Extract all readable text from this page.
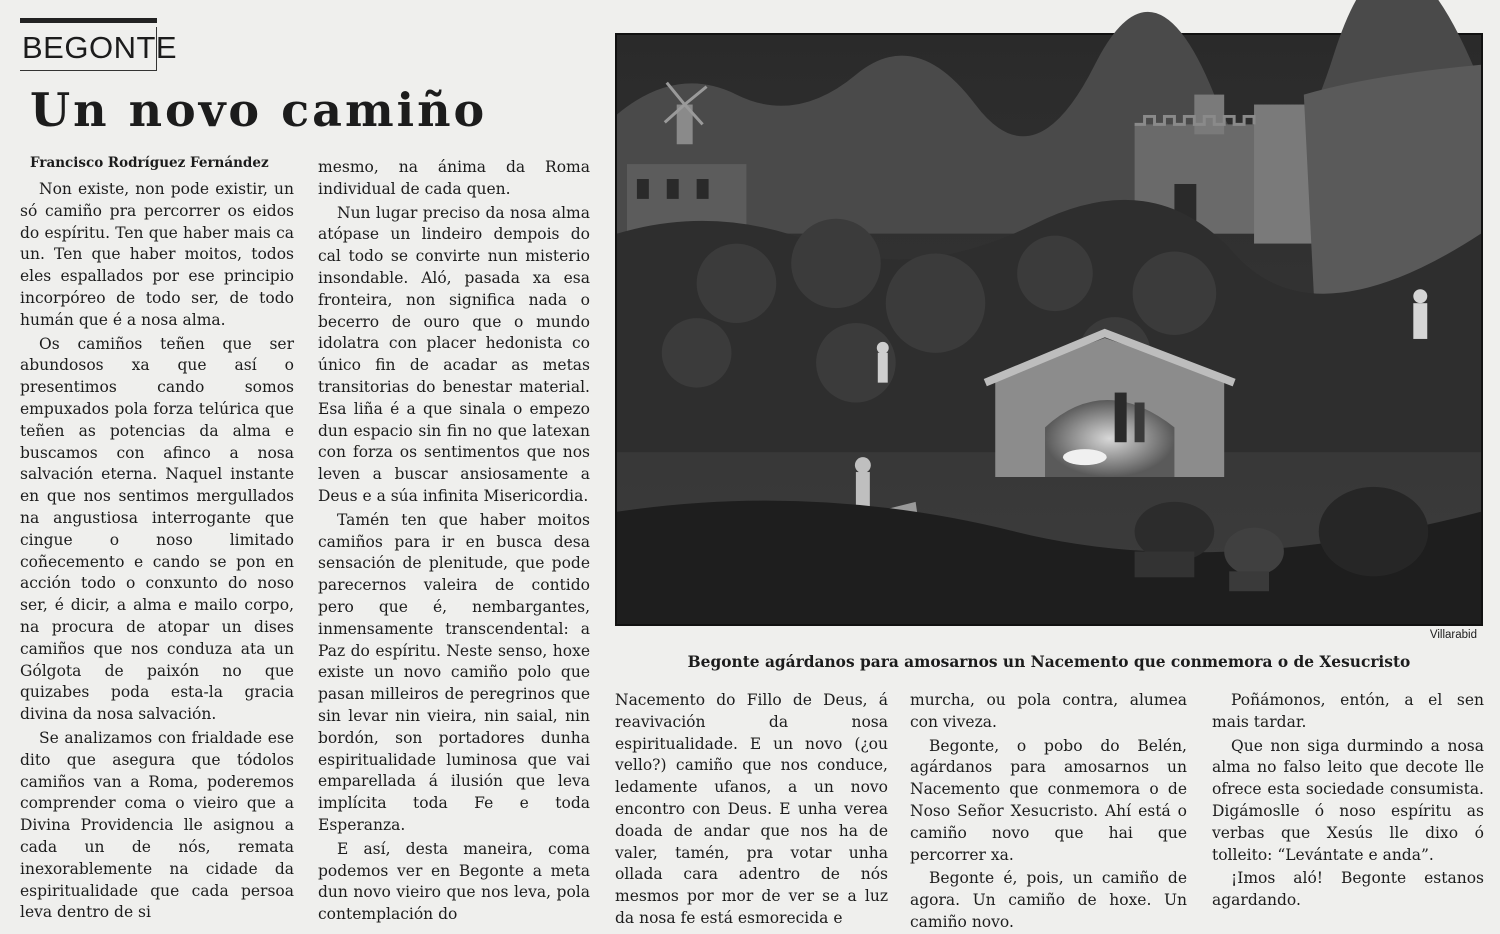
BEGONTE
Un novo camiño
Francisco Rodríguez Fernández

Non existe, non pode existir, un só camiño pra percorrer os eidos do espíritu. Ten que haber mais ca un. Ten que haber moitos, todos eles espallados por ese principio incorpóreo de todo ser, de todo humán que é a nosa alma.

Os camiños teñen que ser abundosos xa que así o presentimos cando somos empuxados pola forza telúrica que teñen as potencias da alma e buscamos con afinco a nosa salvación eterna. Naquel instante en que nos sentimos mergullados na angustiosa interrogante que cingue o noso limitado coñecemento e cando se pon en acción todo o conxunto do noso ser, é dicir, a alma e mailo corpo, na procura de atopar un dises camiños que nos conduza ata un Gólgota de paixón no que quizabes poda esta-la gracia divina da nosa salvación.

Se analizamos con frialdade ese dito que asegura que tódolos camiños van a Roma, poderemos comprender coma o vieiro que a Divina Providencia lle asignou a cada un de nós, remata inexorablemente na cidade da espiritualidade que cada persoa leva dentro de si

mesmo, na ánima da Roma individual de cada quen.

Nun lugar preciso da nosa alma atópase un lindeiro dempois do cal todo se convirte nun misterio insondable. Aló, pasada xa esa fronteira, non significa nada o becerro de ouro que o mundo idolatra con placer hedonista co único fin de acadar as metas transitorias do benestar material. Esa liña é a que sinala o empezo dun espacio sin fin no que latexan con forza os sentimentos que nos leven a buscar ansiosamente a Deus e a súa infinita Misericordia.

Tamén ten que haber moitos camiños para ir en busca desa sensación de plenitude, que pode parecernos valeira de contido pero que é, nembargantes, inmensamente transcendental: a Paz do espíritu. Neste senso, hoxe existe un novo camiño polo que pasan milleiros de peregrinos que sin levar nin vieira, nin saial, nin bordón, son portadores dunha espiritualidade luminosa que vai emparellada á ilusión que leva implícita toda Fe e toda Esperanza.

E así, desta maneira, coma podemos ver en Begonte a meta dun novo vieiro que nos leva, pola contemplación do

Villarabid
Begonte agárdanos para amosarnos un Nacemento que conmemora o de Xesucristo

Nacemento do Fillo de Deus, á reavivación da nosa espiritualidade. E un novo (¿ou vello?) camiño que nos conduce, ledamente ufanos, a un novo encontro con Deus. E unha verea doada de andar que nos ha de valer, tamén, pra votar unha ollada cara adentro de nós mesmos por mor de ver se a luz da nosa fe está esmorecida e

murcha, ou pola contra, alumea con viveza.

Begonte, o pobo do Belén, agárdanos para amosarnos un Nacemento que conmemora o de Noso Señor Xesucristo. Ahí está o camiño novo que hai que percorrer xa.

Begonte é, pois, un camiño de agora. Un camiño de hoxe. Un camiño novo.

Poñámonos, entón, a el sen mais tardar.

Que non siga durmindo a nosa alma no falso leito que decote lle ofrece esta sociedade consumista. Digámoslle ó noso espíritu as verbas que Xesús lle dixo ó tolleito: “Levántate e anda”.

¡Imos aló! Begonte estanos agardando.
